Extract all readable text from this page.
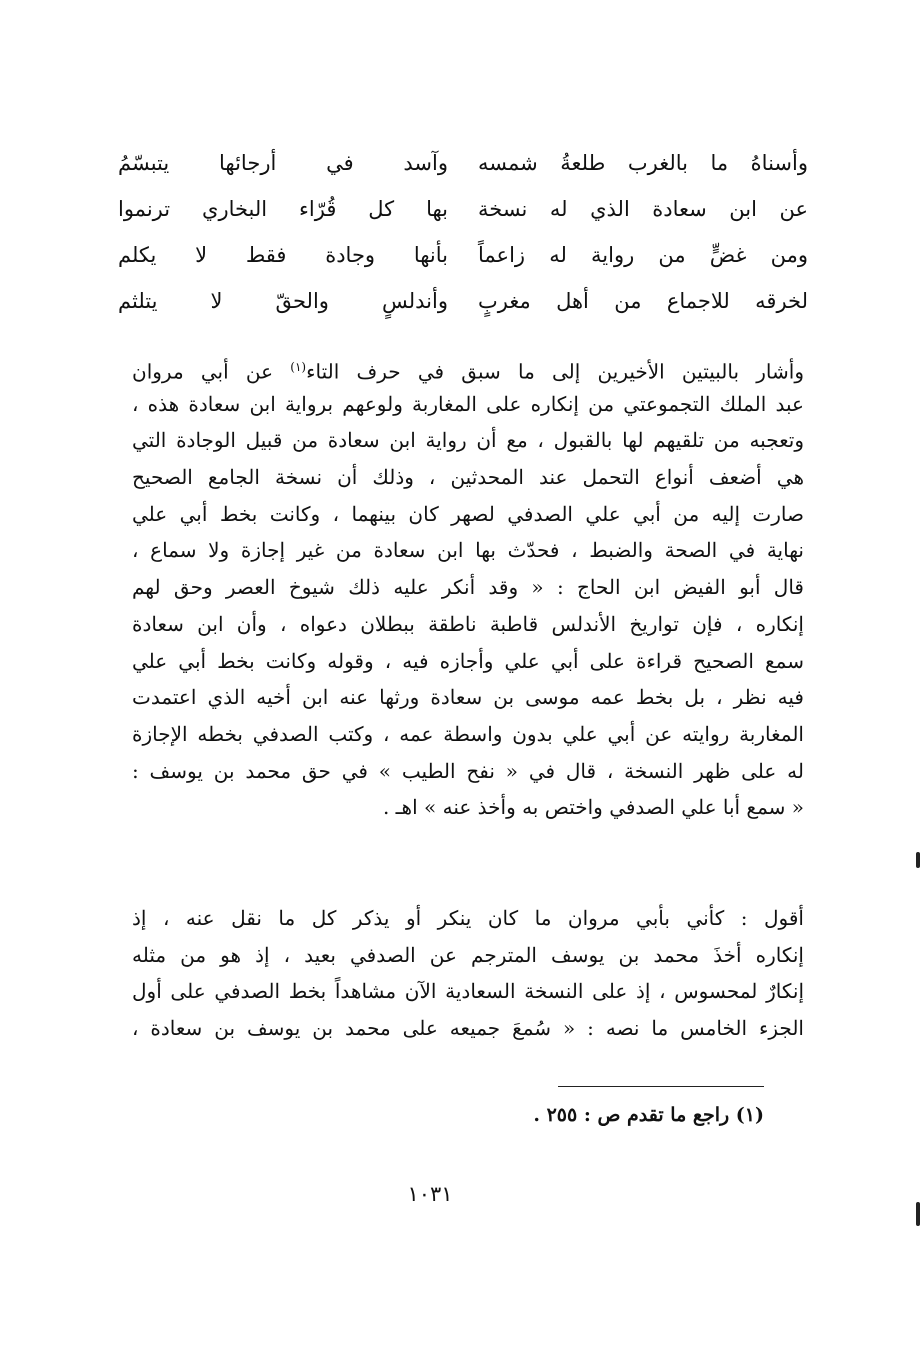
وأسناهُ ما بالغرب طلعةُ شمسه
وآسد في أرجائها يتبسّمُ
عن ابن سعادة الذي له نسخة
بها كل قُرّاء البخاري ترنموا
ومن غضٍّ من رواية له زاعماً
بأنها وجادة فقط لا يكلم
لخرقه للاجماع من أهل مغربٍ
وأندلسٍ والحقّ لا يتلثم
وأشار بالبيتين الأخيرين إلى ما سبق في حرف التاء$^{(١)}$ عن أبي مروان
عبد الملك التجموعتي من إنكاره على المغاربة ولوعهم برواية ابن سعادة هذه ،
وتعجبه من تلقيهم لها بالقبول ، مع أن رواية ابن سعادة من قبيل الوجادة التي
هي أضعف أنواع التحمل عند المحدثين ، وذلك أن نسخة الجامع الصحيح
صارت إليه من أبي علي الصدفي لصهر كان بينهما ، وكانت بخط أبي علي
نهاية في الصحة والضبط ، فحدّث بها ابن سعادة من غير إجازة ولا سماع ،
قال أبو الفيض ابن الحاج : « وقد أنكر عليه ذلك شيوخ العصر وحق لهم
إنكاره ، فإن تواريخ الأندلس قاطبة ناطقة ببطلان دعواه ، وأن ابن سعادة
سمع الصحيح قراءة على أبي علي وأجازه فيه ، وقوله وكانت بخط أبي علي
فيه نظر ، بل بخط عمه موسى بن سعادة ورثها عنه ابن أخيه الذي اعتمدت
المغاربة روايته عن أبي علي بدون واسطة عمه ، وكتب الصدفي بخطه الإجازة
له على ظهر النسخة ، قال في « نفح الطيب » في حق محمد بن يوسف :
« سمع أبا علي الصدفي واختص به وأخذ عنه » اهـ .
أقول : كأني بأبي مروان ما كان ينكر أو يذكر كل ما نقل عنه ، إذ
إنكاره أخذَ محمد بن يوسف المترجم عن الصدفي بعيد ، إذ هو من مثله
إنكارٌ لمحسوس ، إذ على النسخة السعادية الآن مشاهداً بخط الصدفي على أول
الجزء الخامس ما نصه : « سُمعَ جميعه على محمد بن يوسف بن سعادة ،
(١) راجع ما تقدم ص : ٢٥٥ .
١٠٣١
